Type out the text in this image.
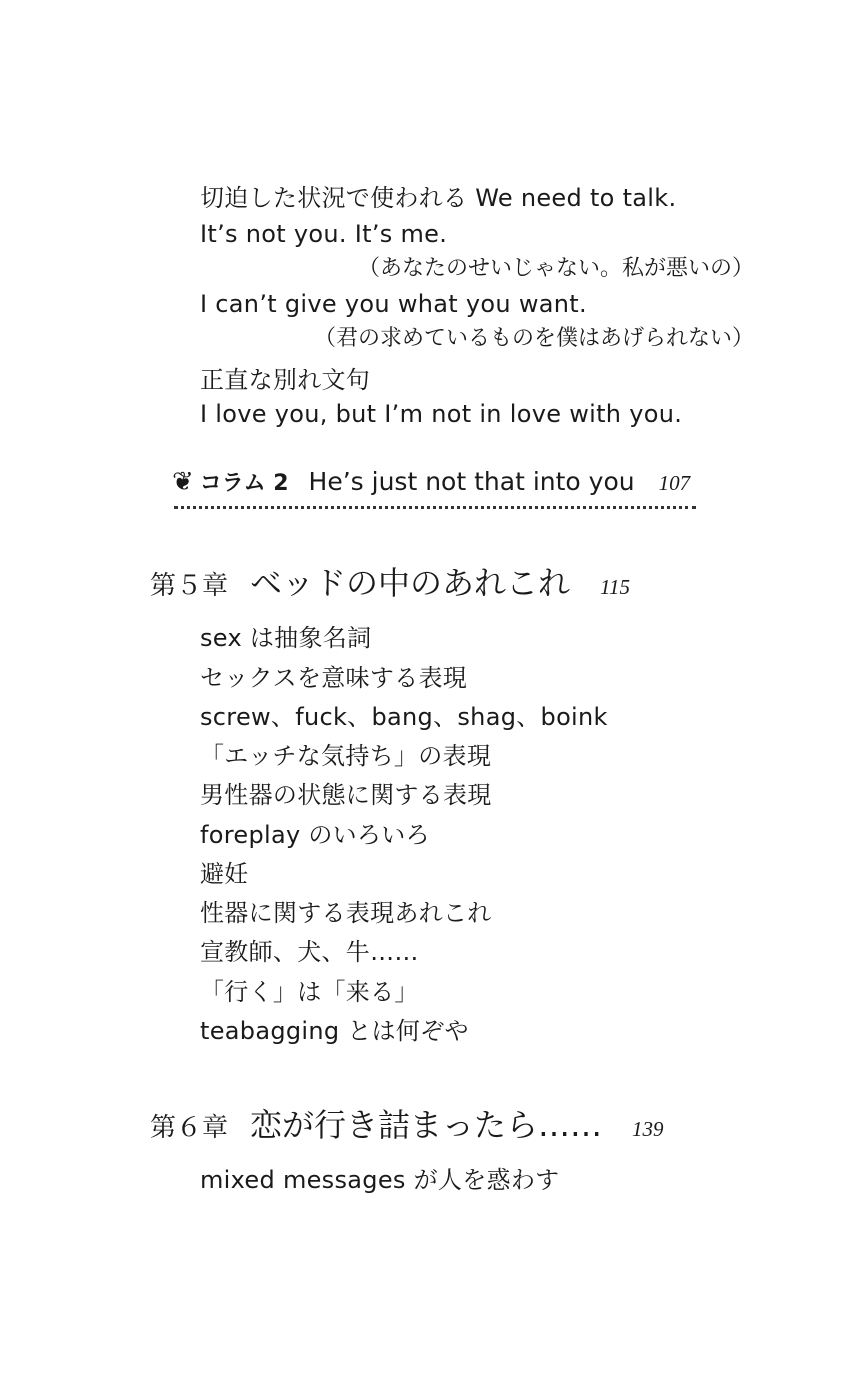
切迫した状況で使われる We need to talk.
It’s not you. It’s me.
（あなたのせいじゃない。私が悪いの）
I can’t give you what you want.
（君の求めているものを僕はあげられない）
正直な別れ文句
I love you, but I’m not in love with you.
❦ コラム 2 He’s just not that into you 107
第５章 ベッドの中のあれこれ 115
sex は抽象名詞
セックスを意味する表現
screw、fuck、bang、shag、boink
「エッチな気持ち」の表現
男性器の状態に関する表現
foreplay のいろいろ
避妊
性器に関する表現あれこれ
宣教師、犬、牛……
「行く」は「来る」
teabagging とは何ぞや
第６章 恋が行き詰まったら…… 139
mixed messages が人を惑わす
